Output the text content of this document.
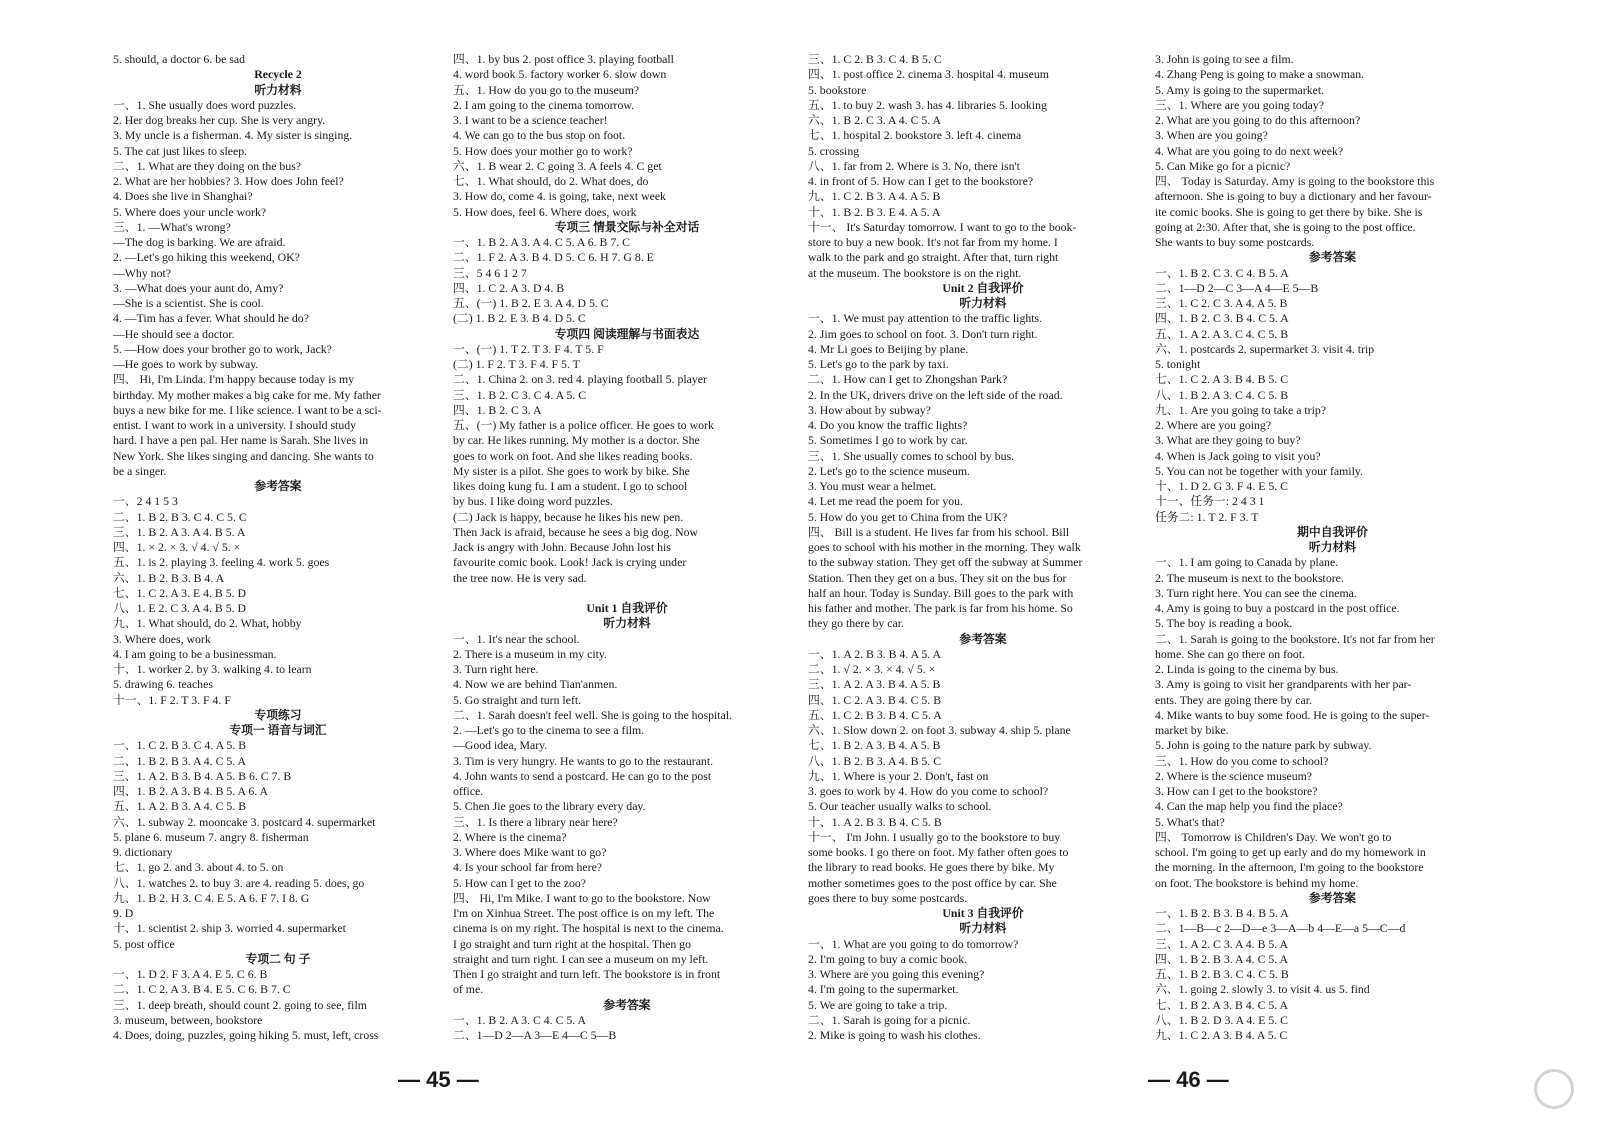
5. should, a doctor 6. be sad
Recycle 2
听力材料
一、1. She usually does word puzzles.
2. Her dog breaks her cup. She is very angry.
3. My uncle is a fisherman. 4. My sister is singing.
5. The cat just likes to sleep.
二、1. What are they doing on the bus?
2. What are her hobbies? 3. How does John feel?
4. Does she live in Shanghai?
5. Where does your uncle work?
三、1. —What's wrong?
—The dog is barking. We are afraid.
2. —Let's go hiking this weekend, OK?
—Why not?
3. —What does your aunt do, Amy?
—She is a scientist. She is cool.
4. —Tim has a fever. What should he do?
—He should see a doctor.
5. —How does your brother go to work, Jack?
—He goes to work by subway.
四、 Hi, I'm Linda. I'm happy because today is my
birthday. My mother makes a big cake for me. My father
buys a new bike for me. I like science. I want to be a sci-
entist. I want to work in a university. I should study
hard. I have a pen pal. Her name is Sarah. She lives in
New York. She likes singing and dancing. She wants to
be a singer.
参考答案
一、2 4 1 5 3
二、1. B 2. B 3. C 4. C 5. C
三、1. B 2. A 3. A 4. B 5. A
四、1. × 2. × 3. √ 4. √ 5. ×
五、1. is 2. playing 3. feeling 4. work 5. goes
六、1. B 2. B 3. B 4. A
七、1. C 2. A 3. E 4. B 5. D
八、1. E 2. C 3. A 4. B 5. D
九、1. What should, do 2. What, hobby
3. Where does, work
4. I am going to be a businessman.
十、1. worker 2. by 3. walking 4. to learn
5. drawing 6. teaches
十一、1. F 2. T 3. F 4. F
专项练习
专项一 语音与词汇
一、1. C 2. B 3. C 4. A 5. B
二、1. B 2. B 3. A 4. C 5. A
三、1. A 2. B 3. B 4. A 5. B 6. C 7. B
四、1. B 2. A 3. B 4. B 5. A 6. A
五、1. A 2. B 3. A 4. C 5. B
六、1. subway 2. mooncake 3. postcard 4. supermarket
5. plane 6. museum 7. angry 8. fisherman
9. dictionary
七、1. go 2. and 3. about 4. to 5. on
八、1. watches 2. to buy 3. are 4. reading 5. does, go
九、1. B 2. H 3. C 4. E 5. A 6. F 7. I 8. G
9. D
十、1. scientist 2. ship 3. worried 4. supermarket
5. post office
专项二 句 子
一、1. D 2. F 3. A 4. E 5. C 6. B
二、1. C 2. A 3. B 4. E 5. C 6. B 7. C
三、1. deep breath, should count 2. going to see, film
3. museum, between, bookstore
4. Does, doing, puzzles, going hiking 5. must, left, cross
四、1. by bus 2. post office 3. playing football
4. word book 5. factory worker 6. slow down
五、1. How do you go to the museum?
2. I am going to the cinema tomorrow.
3. I want to be a science teacher!
4. We can go to the bus stop on foot.
5. How does your mother go to work?
六、1. B wear 2. C going 3. A feels 4. C get
七、1. What should, do 2. What does, do
3. How do, come 4. is going, take, next week
5. How does, feel 6. Where does, work
专项三 情景交际与补全对话
一、1. B 2. A 3. A 4. C 5. A 6. B 7. C
二、1. F 2. A 3. B 4. D 5. C 6. H 7. G 8. E
三、5 4 6 1 2 7
四、1. C 2. A 3. D 4. B
五、(一) 1. B 2. E 3. A 4. D 5. C
(二) 1. B 2. E 3. B 4. D 5. C
专项四 阅读理解与书面表达
一、(一) 1. T 2. T 3. F 4. T 5. F
(二) 1. F 2. T 3. F 4. F 5. T
二、1. China 2. on 3. red 4. playing football 5. player
三、1. B 2. C 3. C 4. A 5. C
四、1. B 2. C 3. A
五、(一) My father is a police officer. He goes to work
by car. He likes running. My mother is a doctor. She
goes to work on foot. And she likes reading books.
My sister is a pilot. She goes to work by bike. She
likes doing kung fu. I am a student. I go to school
by bus. I like doing word puzzles.
(二) Jack is happy, because he likes his new pen.
Then Jack is afraid, because he sees a big dog. Now
Jack is angry with John. Because John lost his
favourite comic book. Look! Jack is crying under
the tree now. He is very sad.
Unit 1 自我评价
听力材料
一、1. It's near the school.
2. There is a museum in my city.
3. Turn right here.
4. Now we are behind Tian'anmen.
5. Go straight and turn left.
二、1. Sarah doesn't feel well. She is going to the hospital.
2. —Let's go to the cinema to see a film.
—Good idea, Mary.
3. Tim is very hungry. He wants to go to the restaurant.
4. John wants to send a postcard. He can go to the post
office.
5. Chen Jie goes to the library every day.
三、1. Is there a library near here?
2. Where is the cinema?
3. Where does Mike want to go?
4. Is your school far from here?
5. How can I get to the zoo?
四、 Hi, I'm Mike. I want to go to the bookstore. Now
I'm on Xinhua Street. The post office is on my left. The
cinema is on my right. The hospital is next to the cinema.
I go straight and turn right at the hospital. Then go
straight and turn right. I can see a museum on my left.
Then I go straight and turn left. The bookstore is in front
of me.
参考答案
一、1. B 2. A 3. C 4. C 5. A
二、1—D 2—A 3—E 4—C 5—B
三、1. C 2. B 3. C 4. B 5. C
四、1. post office 2. cinema 3. hospital 4. museum
5. bookstore
五、1. to buy 2. wash 3. has 4. libraries 5. looking
六、1. B 2. C 3. A 4. C 5. A
七、1. hospital 2. bookstore 3. left 4. cinema
5. crossing
八、1. far from 2. Where is 3. No, there isn't
4. in front of 5. How can I get to the bookstore?
九、1. C 2. B 3. A 4. A 5. B
十、1. B 2. B 3. E 4. A 5. A
十一、 It's Saturday tomorrow. I want to go to the book-
store to buy a new book. It's not far from my home. I
walk to the park and go straight. After that, turn right
at the museum. The bookstore is on the right.
Unit 2 自我评价
听力材料
一、1. We must pay attention to the traffic lights.
2. Jim goes to school on foot. 3. Don't turn right.
4. Mr Li goes to Beijing by plane.
5. Let's go to the park by taxi.
二、1. How can I get to Zhongshan Park?
2. In the UK, drivers drive on the left side of the road.
3. How about by subway?
4. Do you know the traffic lights?
5. Sometimes I go to work by car.
三、1. She usually comes to school by bus.
2. Let's go to the science museum.
3. You must wear a helmet.
4. Let me read the poem for you.
5. How do you get to China from the UK?
四、 Bill is a student. He lives far from his school. Bill
goes to school with his mother in the morning. They walk
to the subway station. They get off the subway at Summer
Station. Then they get on a bus. They sit on the bus for
half an hour. Today is Sunday. Bill goes to the park with
his father and mother. The park is far from his home. So
they go there by car.
参考答案
一、1. A 2. B 3. B 4. A 5. A
二、1. √ 2. × 3. × 4. √ 5. ×
三、1. A 2. A 3. B 4. A 5. B
四、1. C 2. A 3. B 4. C 5. B
五、1. C 2. B 3. B 4. C 5. A
六、1. Slow down 2. on foot 3. subway 4. ship 5. plane
七、1. B 2. A 3. B 4. A 5. B
八、1. B 2. B 3. A 4. B 5. C
九、1. Where is your 2. Don't, fast on
3. goes to work by 4. How do you come to school?
5. Our teacher usually walks to school.
十、1. A 2. B 3. B 4. C 5. B
十一、 I'm John. I usually go to the bookstore to buy
some books. I go there on foot. My father often goes to
the library to read books. He goes there by bike. My
mother sometimes goes to the post office by car. She
goes there to buy some postcards.
Unit 3 自我评价
听力材料
一、1. What are you going to do tomorrow?
2. I'm going to buy a comic book.
3. Where are you going this evening?
4. I'm going to the supermarket.
5. We are going to take a trip.
二、1. Sarah is going for a picnic.
2. Mike is going to wash his clothes.
3. John is going to see a film.
4. Zhang Peng is going to make a snowman.
5. Amy is going to the supermarket.
三、1. Where are you going today?
2. What are you going to do this afternoon?
3. When are you going?
4. What are you going to do next week?
5. Can Mike go for a picnic?
四、 Today is Saturday. Amy is going to the bookstore this
afternoon. She is going to buy a dictionary and her favour-
ite comic books. She is going to get there by bike. She is
going at 2:30. After that, she is going to the post office.
She wants to buy some postcards.
参考答案
一、1. B 2. C 3. C 4. B 5. A
二、1—D 2—C 3—A 4—E 5—B
三、1. C 2. C 3. A 4. A 5. B
四、1. B 2. C 3. B 4. C 5. A
五、1. A 2. A 3. C 4. C 5. B
六、1. postcards 2. supermarket 3. visit 4. trip
5. tonight
七、1. C 2. A 3. B 4. B 5. C
八、1. B 2. A 3. C 4. C 5. B
九、1. Are you going to take a trip?
2. Where are you going?
3. What are they going to buy?
4. When is Jack going to visit you?
5. You can not be together with your family.
十、1. D 2. G 3. F 4. E 5. C
十一、任务一: 2 4 3 1
任务二: 1. T 2. F 3. T
期中自我评价
听力材料
一、1. I am going to Canada by plane.
2. The museum is next to the bookstore.
3. Turn right here. You can see the cinema.
4. Amy is going to buy a postcard in the post office.
5. The boy is reading a book.
二、1. Sarah is going to the bookstore. It's not far from her
home. She can go there on foot.
2. Linda is going to the cinema by bus.
3. Amy is going to visit her grandparents with her par-
ents. They are going there by car.
4. Mike wants to buy some food. He is going to the super-
market by bike.
5. John is going to the nature park by subway.
三、1. How do you come to school?
2. Where is the science museum?
3. How can I get to the bookstore?
4. Can the map help you find the place?
5. What's that?
四、 Tomorrow is Children's Day. We won't go to
school. I'm going to get up early and do my homework in
the morning. In the afternoon, I'm going to the bookstore
on foot. The bookstore is behind my home.
参考答案
一、1. B 2. B 3. B 4. B 5. A
二、1—B—c 2—D—e 3—A—b 4—E—a 5—C—d
三、1. A 2. C 3. A 4. B 5. A
四、1. B 2. B 3. A 4. C 5. A
五、1. B 2. B 3. C 4. C 5. B
六、1. going 2. slowly 3. to visit 4. us 5. find
七、1. B 2. A 3. B 4. C 5. A
八、1. B 2. D 3. A 4. E 5. C
九、1. C 2. A 3. B 4. A 5. C
— 45 —	— 46 —
